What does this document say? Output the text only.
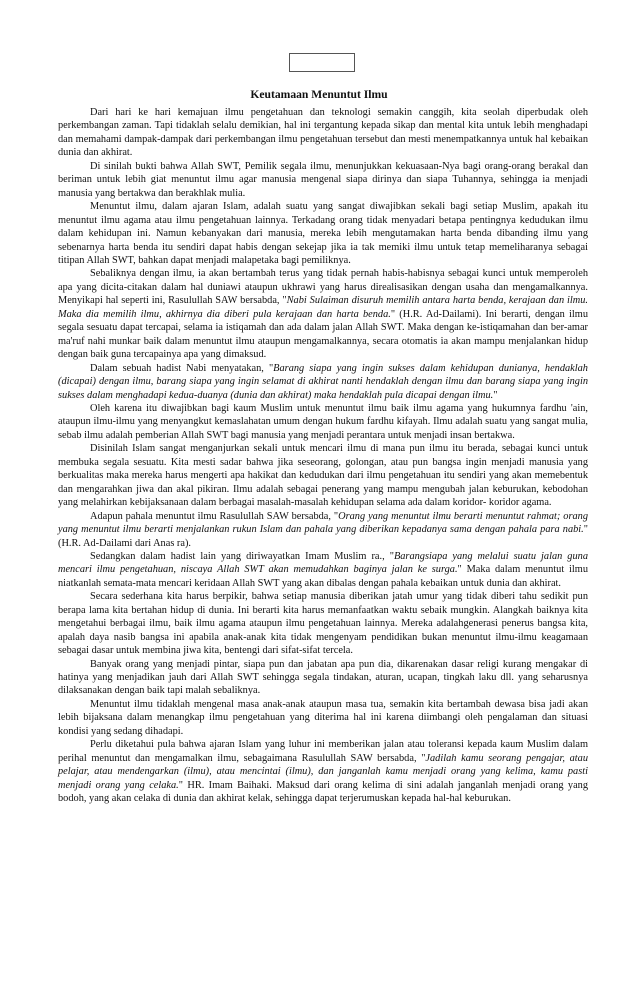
Keutamaan Menuntut Ilmu

Dari hari ke hari kemajuan ilmu pengetahuan dan teknologi semakin canggih, kita seolah diperbudak oleh perkembangan zaman. Tapi tidaklah selalu demikian, hal ini tergantung kepada sikap dan mental kita untuk lebih menghadapi dan memahami dampak-dampak dari perkembangan ilmu pengetahuan tersebut dan mesti menempatkannya untuk hal kebaikan dunia dan akhirat.

Di sinilah bukti bahwa Allah SWT, Pemilik segala ilmu, menunjukkan kekuasaan-Nya bagi orang-orang berakal dan beriman untuk lebih giat menuntut ilmu agar manusia mengenal siapa dirinya dan siapa Tuhannya, sehingga ia menjadi manusia yang bertakwa dan berakhlak mulia.

Menuntut ilmu, dalam ajaran Islam, adalah suatu yang sangat diwajibkan sekali bagi setiap Muslim, apakah itu menuntut ilmu agama atau ilmu pengetahuan lainnya. Terkadang orang tidak menyadari betapa pentingnya kedudukan ilmu dalam kehidupan ini. Namun kebanyakan dari manusia, mereka lebih mengutamakan harta benda dibanding ilmu yang sebenarnya harta benda itu sendiri dapat habis dengan sekejap jika ia tak memiki ilmu untuk tetap memeliharanya sebagai titipan Allah SWT, bahkan dapat menjadi malapetaka bagi pemiliknya.

Sebaliknya dengan ilmu, ia akan bertambah terus yang tidak pernah habis-habisnya sebagai kunci untuk memperoleh apa yang dicita-citakan dalam hal duniawi ataupun ukhrawi yang harus direalisasikan dengan usaha dan mengamalkannya. Menyikapi hal seperti ini, Rasulullah SAW bersabda, "Nabi Sulaiman disuruh memilih antara harta benda, kerajaan dan ilmu. Maka dia memilih ilmu, akhirnya dia diberi pula kerajaan dan harta benda." (H.R. Ad-Dailami). Ini berarti, dengan ilmu segala sesuatu dapat tercapai, selama ia istiqamah dan ada dalam jalan Allah SWT. Maka dengan ke-istiqamahan dan ber-amar ma'ruf nahi munkar baik dalam menuntut ilmu ataupun mengamalkannya, secara otomatis ia akan mampu menjalankan hidup dengan baik guna tercapainya apa yang dimaksud.

Dalam sebuah hadist Nabi menyatakan, "Barang siapa yang ingin sukses dalam kehidupan dunianya, hendaklah (dicapai) dengan ilmu, barang siapa yang ingin selamat di akhirat nanti hendaklah dengan ilmu dan barang siapa yang ingin sukses dalam menghadapi kedua-duanya (dunia dan akhirat) maka hendaklah pula dicapai dengan ilmu."

Oleh karena itu diwajibkan bagi kaum Muslim untuk menuntut ilmu baik ilmu agama yang hukumnya fardhu 'ain, ataupun ilmu-ilmu yang menyangkut kemaslahatan umum dengan hukum fardhu kifayah. Ilmu adalah suatu yang sangat mulia, sebab ilmu adalah pemberian Allah SWT bagi manusia yang menjadi perantara untuk menjadi insan bertakwa.

Disinilah Islam sangat menganjurkan sekali untuk mencari ilmu di mana pun ilmu itu berada, sebagai kunci untuk membuka segala sesuatu. Kita mesti sadar bahwa jika seseorang, golongan, atau pun bangsa ingin menjadi manusia yang berkualitas maka mereka harus mengerti apa hakikat dan kedudukan dari ilmu pengetahuan itu sendiri yang akan memebentuk dan mengarahkan jiwa dan akal pikiran. Ilmu adalah sebagai penerang yang mampu mengubah jalan keburukan, kebodohan yang melahirkan kebijaksanaan dalam berbagai masalah-masalah kehidupan selama ada dalam koridor- koridor agama.

Adapun pahala menuntut ilmu Rasulullah SAW bersabda, "Orang yang menuntut ilmu berarti menuntut rahmat; orang yang menuntut ilmu berarti menjalankan rukun Islam dan pahala yang diberikan kepadanya sama dengan pahala para nabi." (H.R. Ad-Dailami dari Anas ra).

Sedangkan dalam hadist lain yang diriwayatkan Imam Muslim ra., "Barangsiapa yang melalui suatu jalan guna mencari ilmu pengetahuan, niscaya Allah SWT akan memudahkan baginya jalan ke surga." Maka dalam menuntut ilmu niatkanlah semata-mata mencari keridaan Allah SWT yang akan dibalas dengan pahala kebaikan untuk dunia dan akhirat.

Secara sederhana kita harus berpikir, bahwa setiap manusia diberikan jatah umur yang tidak diberi tahu sedikit pun berapa lama kita bertahan hidup di dunia. Ini berarti kita harus memanfaatkan waktu sebaik mungkin. Alangkah baiknya kita mengetahui berbagai ilmu, baik ilmu agama ataupun ilmu pengetahuan lainnya. Mereka adalahgenerasi penerus bangsa kita, apalah daya nasib bangsa ini apabila anak-anak kita tidak mengenyam pendidikan bukan menuntut ilmu-ilmu keagamaan sebagai dasar untuk membina jiwa kita, bentengi dari sifat-sifat tercela.

Banyak orang yang menjadi pintar, siapa pun dan jabatan apa pun dia, dikarenakan dasar religi kurang mengakar di hatinya yang menjadikan jauh dari Allah SWT sehingga segala tindakan, aturan, ucapan, tingkah laku dll. yang seharusnya dilaksanakan dengan baik tapi malah sebaliknya.

Menuntut ilmu tidaklah mengenal masa anak-anak ataupun masa tua, semakin kita bertambah dewasa bisa jadi akan lebih bijaksana dalam menangkap ilmu pengetahuan yang diterima hal ini karena diimbangi oleh pengalaman dan situasi kondisi yang sedang dihadapi.

Perlu diketahui pula bahwa ajaran Islam yang luhur ini memberikan jalan atau toleransi kepada kaum Muslim dalam perihal menuntut dan mengamalkan ilmu, sebagaimana Rasulullah SAW bersabda, "Jadilah kamu seorang pengajar, atau pelajar, atau mendengarkan (ilmu), atau mencintai (ilmu), dan janganlah kamu menjadi orang yang kelima, kamu pasti menjadi orang yang celaka." HR. Imam Baihaki. Maksud dari orang kelima di sini adalah janganlah menjadi orang yang bodoh, yang akan celaka di dunia dan akhirat kelak, sehingga dapat terjerumuskan kepada hal-hal keburukan.
